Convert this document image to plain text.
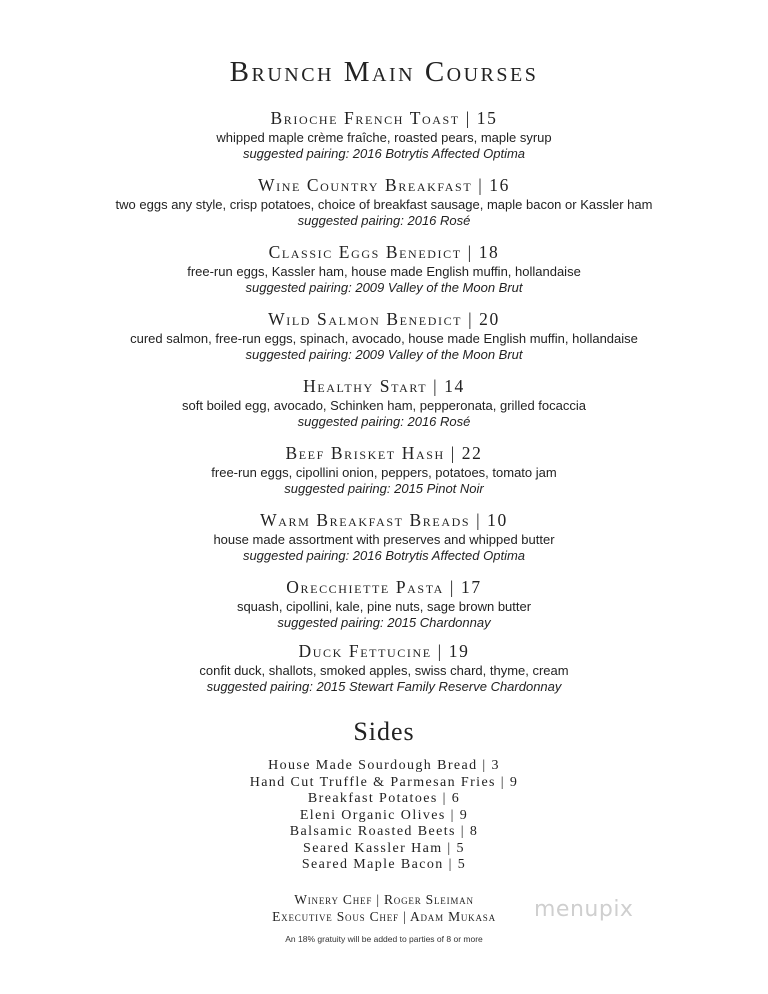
Brunch Main Courses
Brioche French Toast | 15
whipped maple crème fraîche, roasted pears, maple syrup
suggested pairing: 2016 Botrytis Affected Optima
Wine Country Breakfast | 16
two eggs any style, crisp potatoes, choice of breakfast sausage, maple bacon or Kassler ham
suggested pairing: 2016 Rosé
Classic Eggs Benedict | 18
free-run eggs, Kassler ham, house made English muffin, hollandaise
suggested pairing: 2009 Valley of the Moon Brut
Wild Salmon Benedict | 20
cured salmon, free-run eggs, spinach, avocado, house made English muffin, hollandaise
suggested pairing: 2009 Valley of the Moon Brut
Healthy Start | 14
soft boiled egg, avocado, Schinken ham, pepperonata, grilled focaccia
suggested pairing: 2016 Rosé
Beef Brisket Hash | 22
free-run eggs, cipollini onion, peppers, potatoes, tomato jam
suggested pairing: 2015 Pinot Noir
Warm Breakfast Breads | 10
house made assortment with preserves and whipped butter
suggested pairing: 2016 Botrytis Affected Optima
Orecchiette Pasta | 17
squash, cipollini, kale, pine nuts, sage brown butter
suggested pairing: 2015 Chardonnay
Duck Fettucine | 19
confit duck, shallots, smoked apples, swiss chard, thyme, cream
suggested pairing: 2015 Stewart Family Reserve Chardonnay
Sides
House Made Sourdough Bread | 3
Hand Cut Truffle & Parmesan Fries | 9
Breakfast Potatoes | 6
Eleni Organic Olives | 9
Balsamic Roasted Beets | 8
Seared Kassler Ham | 5
Seared Maple Bacon | 5
Winery Chef | Roger Sleiman
Executive Sous Chef | Adam Mukasa
An 18% gratuity will be added to parties of 8 or more
menupix
